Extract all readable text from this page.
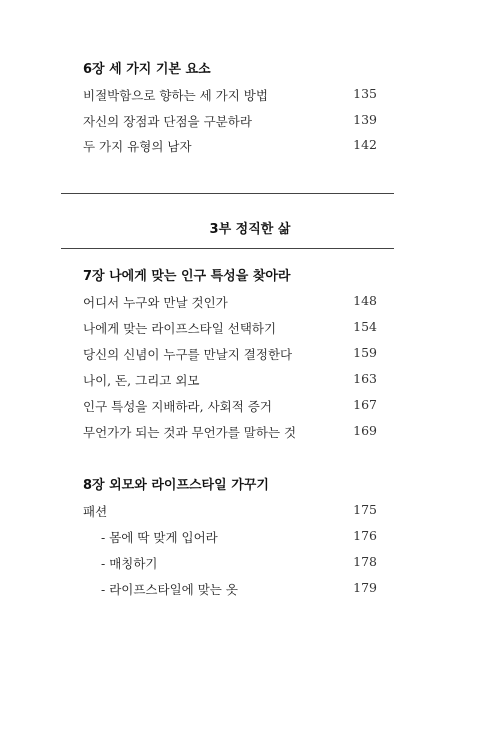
6장 세 가지 기본 요소
비절박함으로 향하는 세 가지 방법	135
자신의 장점과 단점을 구분하라	139
두 가지 유형의 남자	142
3부 정직한 삶
7장 나에게 맞는 인구 특성을 찾아라
어디서 누구와 만날 것인가	148
나에게 맞는 라이프스타일 선택하기	154
당신의 신념이 누구를 만날지 결정한다	159
나이, 돈, 그리고 외모	163
인구 특성을 지배하라, 사회적 증거	167
무언가가 되는 것과 무언가를 말하는 것	169
8장 외모와 라이프스타일 가꾸기
패션	175
- 몸에 딱 맞게 입어라	176
- 매칭하기	178
- 라이프스타일에 맞는 옷	179
